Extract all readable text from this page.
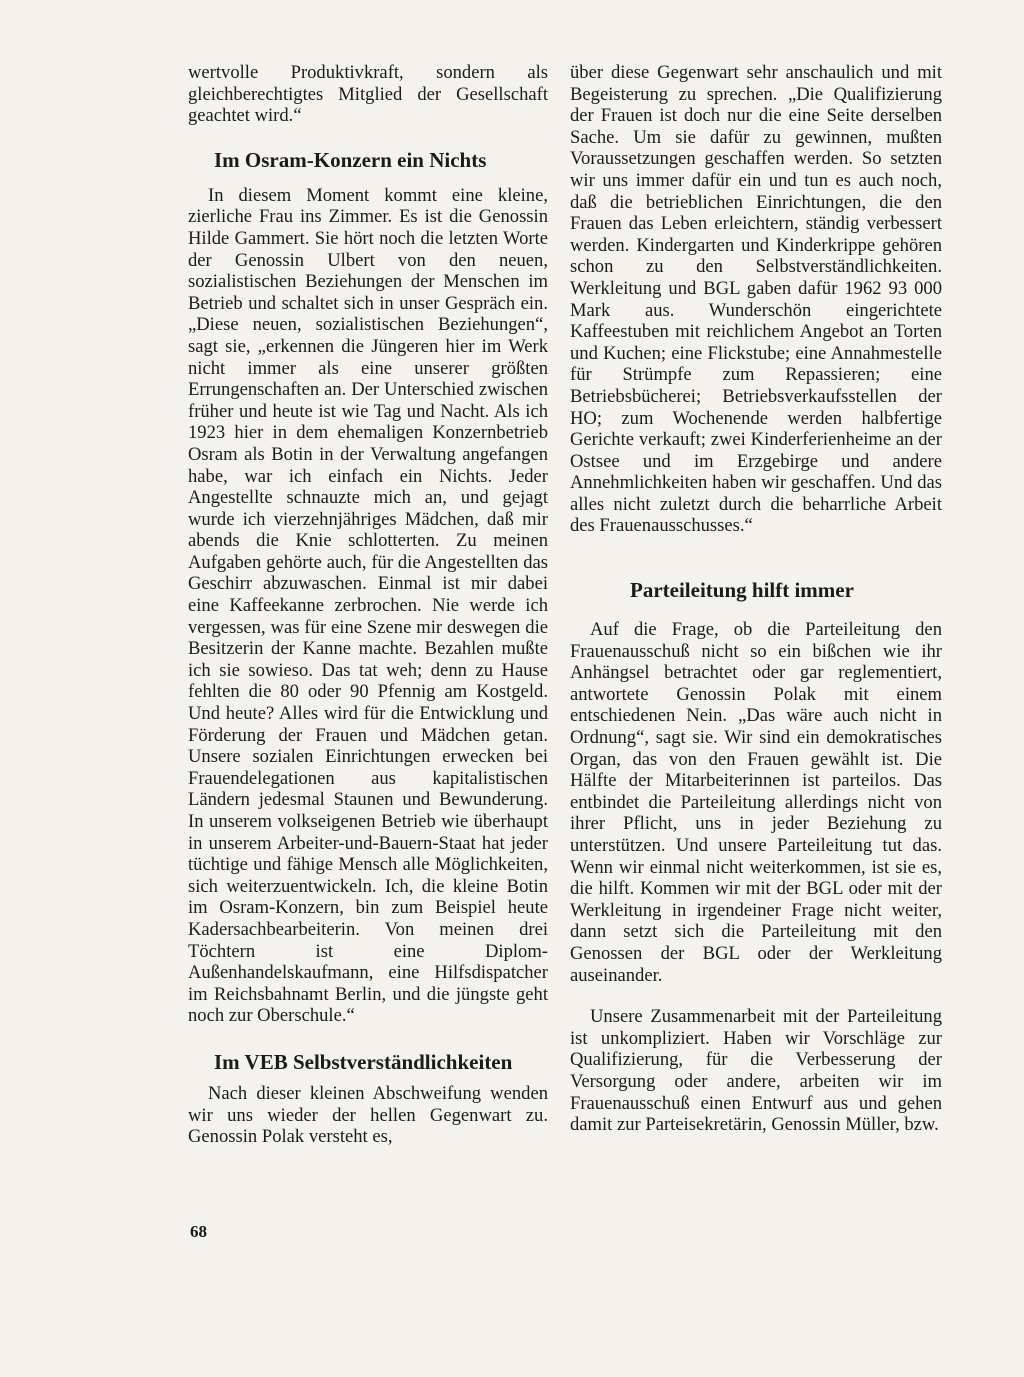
wertvolle Produktivkraft, sondern als gleichberechtigtes Mitglied der Gesellschaft geachtet wird.“

Im Osram-Konzern ein Nichts

In diesem Moment kommt eine kleine, zierliche Frau ins Zimmer. Es ist die Genossin Hilde Gammert. Sie hört noch die letzten Worte der Genossin Ulbert von den neuen, sozialistischen Beziehungen der Menschen im Betrieb und schaltet sich in unser Gespräch ein. „Diese neuen, sozialistischen Beziehungen“, sagt sie, „erkennen die Jüngeren hier im Werk nicht immer als eine unserer größten Errungenschaften an. Der Unterschied zwischen früher und heute ist wie Tag und Nacht. Als ich 1923 hier in dem ehemaligen Konzernbetrieb Osram als Botin in der Verwaltung angefangen habe, war ich einfach ein Nichts. Jeder Angestellte schnauzte mich an, und gejagt wurde ich vierzehnjähriges Mädchen, daß mir abends die Knie schlotterten. Zu meinen Aufgaben gehörte auch, für die Angestellten das Geschirr abzuwaschen. Einmal ist mir dabei eine Kaffeekanne zerbrochen. Nie werde ich vergessen, was für eine Szene mir deswegen die Besitzerin der Kanne machte. Bezahlen mußte ich sie sowieso. Das tat weh; denn zu Hause fehlten die 80 oder 90 Pfennig am Kostgeld. Und heute? Alles wird für die Entwicklung und Förderung der Frauen und Mädchen getan. Unsere sozialen Einrichtungen erwecken bei Frauendelegationen aus kapitalistischen Ländern jedesmal Staunen und Bewunderung. In unserem volkseigenen Betrieb wie überhaupt in unserem Arbeiter-und-Bauern-Staat hat jeder tüchtige und fähige Mensch alle Möglichkeiten, sich weiterzuentwickeln. Ich, die kleine Botin im Osram-Konzern, bin zum Beispiel heute Kadersachbearbeiterin. Von meinen drei Töchtern ist eine Diplom-Außenhandelskaufmann, eine Hilfsdispatcher im Reichsbahnamt Berlin, und die jüngste geht noch zur Oberschule.“

Im VEB Selbstverständlichkeiten

Nach dieser kleinen Abschweifung wenden wir uns wieder der hellen Gegenwart zu. Genossin Polak versteht es,

über diese Gegenwart sehr anschaulich und mit Begeisterung zu sprechen. „Die Qualifizierung der Frauen ist doch nur die eine Seite derselben Sache. Um sie dafür zu gewinnen, mußten Voraussetzungen geschaffen werden. So setzten wir uns immer dafür ein und tun es auch noch, daß die betrieblichen Einrichtungen, die den Frauen das Leben erleichtern, ständig verbessert werden. Kindergarten und Kinderkrippe gehören schon zu den Selbstverständlichkeiten. Werkleitung und BGL gaben dafür 1962 93 000 Mark aus. Wunderschön eingerichtete Kaffeestuben mit reichlichem Angebot an Torten und Kuchen; eine Flickstube; eine Annahmestelle für Strümpfe zum Repassieren; eine Betriebsbücherei; Betriebsverkaufsstellen der HO; zum Wochenende werden halbfertige Gerichte verkauft; zwei Kinderferienheime an der Ostsee und im Erzgebirge und andere Annehmlichkeiten haben wir geschaffen. Und das alles nicht zuletzt durch die beharrliche Arbeit des Frauenausschusses.“

Parteileitung hilft immer

Auf die Frage, ob die Parteileitung den Frauenausschuß nicht so ein bißchen wie ihr Anhängsel betrachtet oder gar reglementiert, antwortete Genossin Polak mit einem entschiedenen Nein. „Das wäre auch nicht in Ordnung“, sagt sie. Wir sind ein demokratisches Organ, das von den Frauen gewählt ist. Die Hälfte der Mitarbeiterinnen ist parteilos. Das entbindet die Parteileitung allerdings nicht von ihrer Pflicht, uns in jeder Beziehung zu unterstützen. Und unsere Parteileitung tut das. Wenn wir einmal nicht weiterkommen, ist sie es, die hilft. Kommen wir mit der BGL oder mit der Werkleitung in irgendeiner Frage nicht weiter, dann setzt sich die Parteileitung mit den Genossen der BGL oder der Werkleitung auseinander.

Unsere Zusammenarbeit mit der Parteileitung ist unkompliziert. Haben wir Vorschläge zur Qualifizierung, für die Verbesserung der Versorgung oder andere, arbeiten wir im Frauenausschuß einen Entwurf aus und gehen damit zur Parteisekretärin, Genossin Müller, bzw.

68
